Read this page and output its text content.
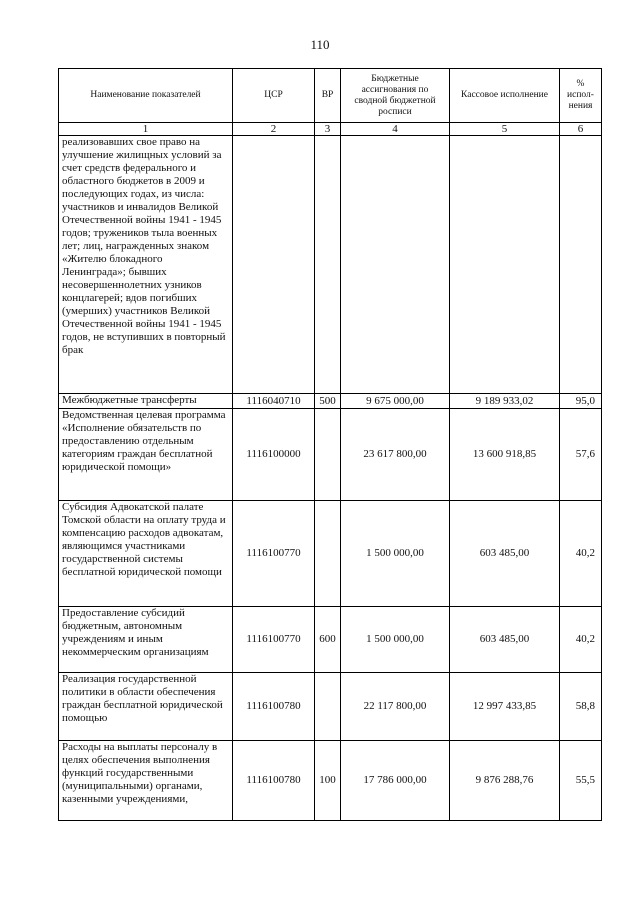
110
Наименование показателей	ЦСР	ВР	Бюджетные ассигнования по сводной бюджетной росписи	Кассовое исполнение	% испол-нения
1	2	3	4	5	6
реализовавших свое право на улучшение жилищных условий за счет средств федерального и областного бюджетов в 2009 и последующих годах, из числа: участников и инвалидов Великой Отечественной войны 1941 - 1945 годов; тружеников тыла военных лет; лиц, награжденных знаком «Жителю блокадного Ленинграда»; бывших несовершеннолетних узников концлагерей; вдов погибших (умерших) участников Великой Отечественной войны 1941 - 1945 годов, не вступивших в повторный брак					
Межбюджетные трансферты	1116040710	500	9 675 000,00	9 189 933,02	95,0
Ведомственная целевая программа «Исполнение обязательств по предоставлению отдельным категориям граждан бесплатной юридической помощи»	1116100000		23 617 800,00	13 600 918,85	57,6
Субсидия Адвокатской палате Томской области на оплату труда и компенсацию расходов адвокатам, являющимся участниками государственной системы бесплатной юридической помощи	1116100770		1 500 000,00	603 485,00	40,2
Предоставление субсидий бюджетным, автономным учреждениям и иным некоммерческим организациям	1116100770	600	1 500 000,00	603 485,00	40,2
Реализация государственной политики в области обеспечения граждан бесплатной юридической помощью	1116100780		22 117 800,00	12 997 433,85	58,8
Расходы на выплаты персоналу в целях обеспечения выполнения функций государственными (муниципальными) органами, казенными учреждениями,	1116100780	100	17 786 000,00	9 876 288,76	55,5
